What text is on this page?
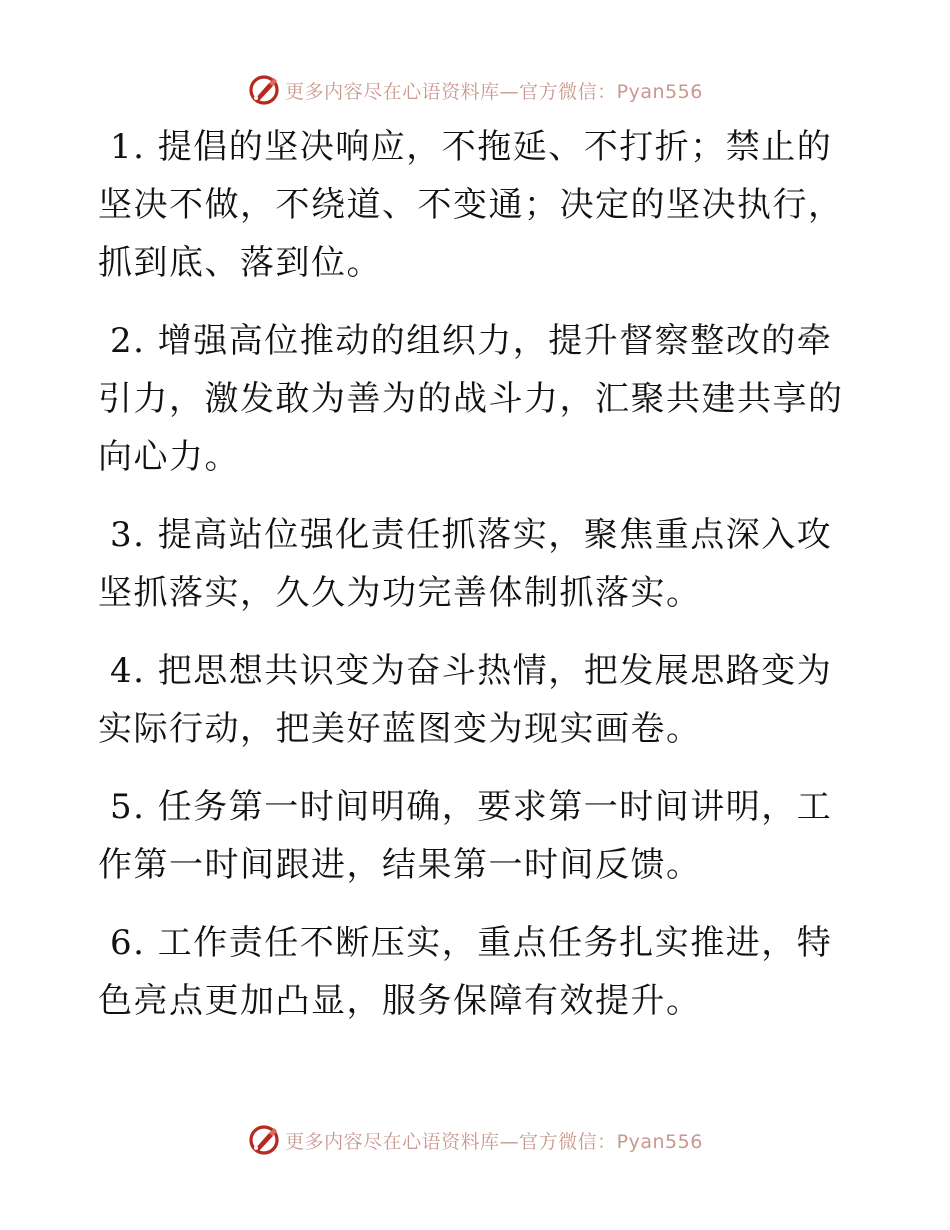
更多内容尽在心语资料库—官方微信：Pyan556

1. 提倡的坚决响应，不拖延、不打折；禁止的坚决不做，不绕道、不变通；决定的坚决执行，抓到底、落到位。

2. 增强高位推动的组织力，提升督察整改的牵引力，激发敢为善为的战斗力，汇聚共建共享的向心力。

3. 提高站位强化责任抓落实，聚焦重点深入攻坚抓落实，久久为功完善体制抓落实。

4. 把思想共识变为奋斗热情，把发展思路变为实际行动，把美好蓝图变为现实画卷。

5. 任务第一时间明确，要求第一时间讲明，工作第一时间跟进，结果第一时间反馈。

6. 工作责任不断压实，重点任务扎实推进，特色亮点更加凸显，服务保障有效提升。

更多内容尽在心语资料库—官方微信：Pyan556
